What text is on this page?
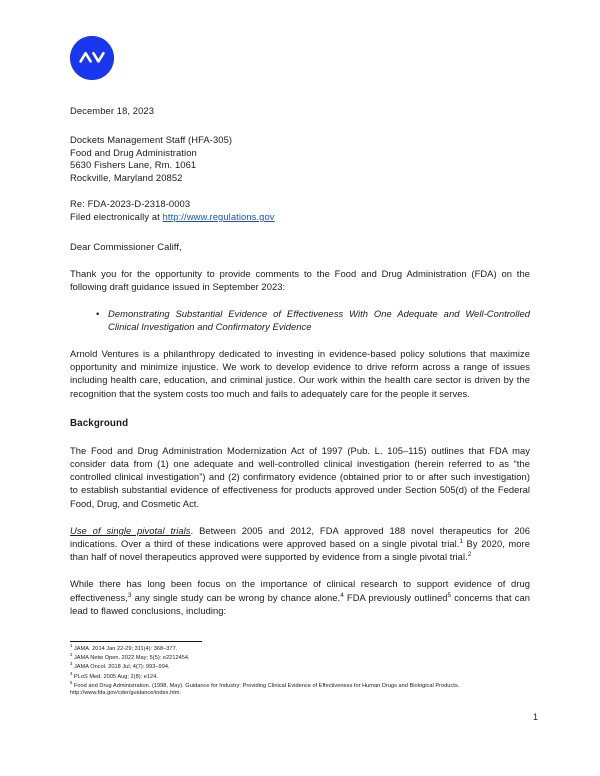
December 18, 2023
Dockets Management Staff (HFA-305)
Food and Drug Administration
5630 Fishers Lane, Rm. 1061
Rockville, Maryland 20852
Re: FDA-2023-D-2318-0003
Filed electronically at http://www.regulations.gov
Dear Commissioner Califf,

Thank you for the opportunity to provide comments to the Food and Drug Administration (FDA) on the following draft guidance issued in September 2023:

• Demonstrating Substantial Evidence of Effectiveness With One Adequate and Well-Controlled Clinical Investigation and Confirmatory Evidence

Arnold Ventures is a philanthropy dedicated to investing in evidence-based policy solutions that maximize opportunity and minimize injustice. We work to develop evidence to drive reform across a range of issues including health care, education, and criminal justice. Our work within the health care sector is driven by the recognition that the system costs too much and fails to adequately care for the people it serves.

Background

The Food and Drug Administration Modernization Act of 1997 (Pub. L. 105–115) outlines that FDA may consider data from (1) one adequate and well-controlled clinical investigation (herein referred to as “the controlled clinical investigation”) and (2) confirmatory evidence (obtained prior to or after such investigation) to establish substantial evidence of effectiveness for products approved under Section 505(d) of the Federal Food, Drug, and Cosmetic Act.

Use of single pivotal trials. Between 2005 and 2012, FDA approved 188 novel therapeutics for 206 indications. Over a third of these indications were approved based on a single pivotal trial.$^1$ By 2020, more than half of novel therapeutics approved were supported by evidence from a single pivotal trial.$^2$

While there has long been focus on the importance of clinical research to support evidence of drug effectiveness,$^3$ any single study can be wrong by chance alone.$^4$ FDA previously outlined$^5$ concerns that can lead to flawed conclusions, including:

$^1$ JAMA. 2014 Jan 22-29; 311(4): 368–377.
$^2$ JAMA Netw Open. 2022 May; 5(5): e2212454.
$^3$ JAMA Oncol. 2018 Jul; 4(7): 993–994.
$^4$ PLoS Med. 2005 Aug; 2(8): e124.
$^5$ Food and Drug Administration. (1998, May). Guidance for Industry: Providing Clinical Evidence of Effectiveness for Human Drugs and Biological Products. http://www.fda.gov/cder/guidance/index.htm.
1
